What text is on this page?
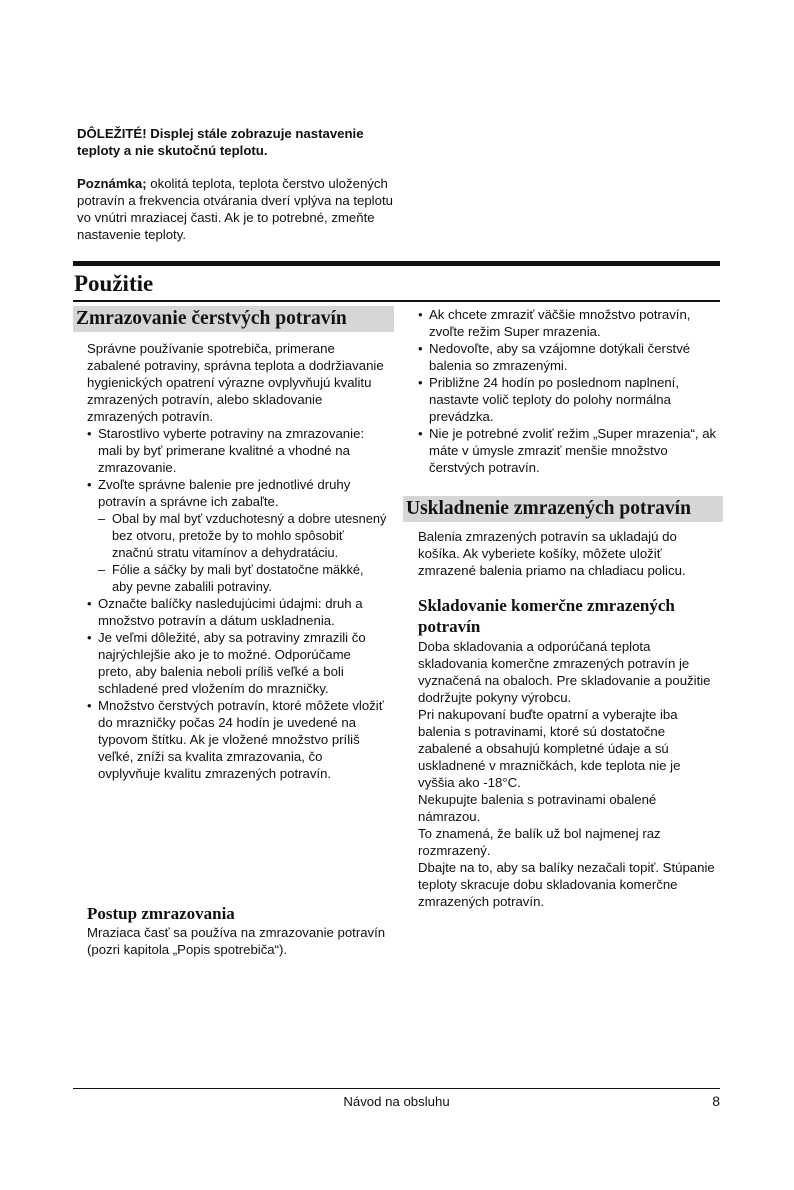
DÔLEŽITÉ! Displej stále zobrazuje nastavenie teploty a nie skutočnú teplotu.

Poznámka; okolitá teplota, teplota čerstvo uložených potravín a frekvencia otvárania dverí vplýva na teplotu vo vnútri mraziacej časti. Ak je to potrebné, zmeňte nastavenie teploty.

Použitie
Zmrazovanie čerstvých potravín

Správne používanie spotrebiča, primerane zabalené potraviny, správna teplota a dodržiavanie hygienických opatrení výrazne ovplyvňujú kvalitu zmrazených potravín, alebo skladovanie zmrazených potravín.

• Starostlivo vyberte potraviny na zmrazovanie: mali by byť primerane kvalitné a vhodné na zmrazovanie.
• Zvoľte správne balenie pre jednotlivé druhy potravín a správne ich zabaľte.
– Obal by mal byť vzduchotesný a dobre utesnený bez otvoru, pretože by to mohlo spôsobiť značnú stratu vitamínov a dehydratáciu.
– Fólie a sáčky by mali byť dostatočne mäkké, aby pevne zabalili potraviny.
• Označte balíčky nasledujúcimi údajmi: druh a množstvo potravín a dátum uskladnenia.
• Je veľmi dôležité, aby sa potraviny zmrazili čo najrýchlejšie ako je to možné. Odporúčame preto, aby balenia neboli príliš veľké a boli schladené pred vložením do mrazničky.
• Množstvo čerstvých potravín, ktoré môžete vložiť do mrazničky počas 24 hodín je uvedené na typovom štítku. Ak je vložené množstvo príliš veľké, zníži sa kvalita zmrazovania, čo ovplyvňuje kvalitu zmrazených potravín.
• Ak chcete zmraziť väčšie množstvo potravín, zvoľte režim Super mrazenia.
• Nedovoľte, aby sa vzájomne dotýkali čerstvé balenia so zmrazenými.
• Približne 24 hodín po poslednom naplnení, nastavte volič teploty do polohy normálna prevádzka.
• Nie je potrebné zvoliť režim „Super mrazenia“, ak máte v úmysle zmraziť menšie množstvo čerstvých potravín.
Uskladnenie zmrazených potravín

Balenia zmrazených potravín sa ukladajú do košíka. Ak vyberiete košíky, môžete uložiť zmrazené balenia priamo na chladiacu policu.

Skladovanie komerčne zmrazených potravín

Doba skladovania a odporúčaná teplota skladovania komerčne zmrazených potravín je vyznačená na obaloch. Pre skladovanie a použitie dodržujte pokyny výrobcu.

Pri nakupovaní buďte opatrní a vyberajte iba balenia s potravinami, ktoré sú dostatočne zabalené a obsahujú kompletné údaje a sú uskladnené v mrazničkách, kde teplota nie je vyššia ako -18°C.

Nekupujte balenia s potravinami obalené námrazou.

To znamená, že balík už bol najmenej raz rozmrazený.

Dbajte na to, aby sa balíky nezačali topiť. Stúpanie teploty skracuje dobu skladovania komerčne zmrazených potravín.

Postup zmrazovania

Mraziaca časť sa používa na zmrazovanie potravín (pozri kapitola „Popis spotrebiča“).

Návod na obsluhu	8
